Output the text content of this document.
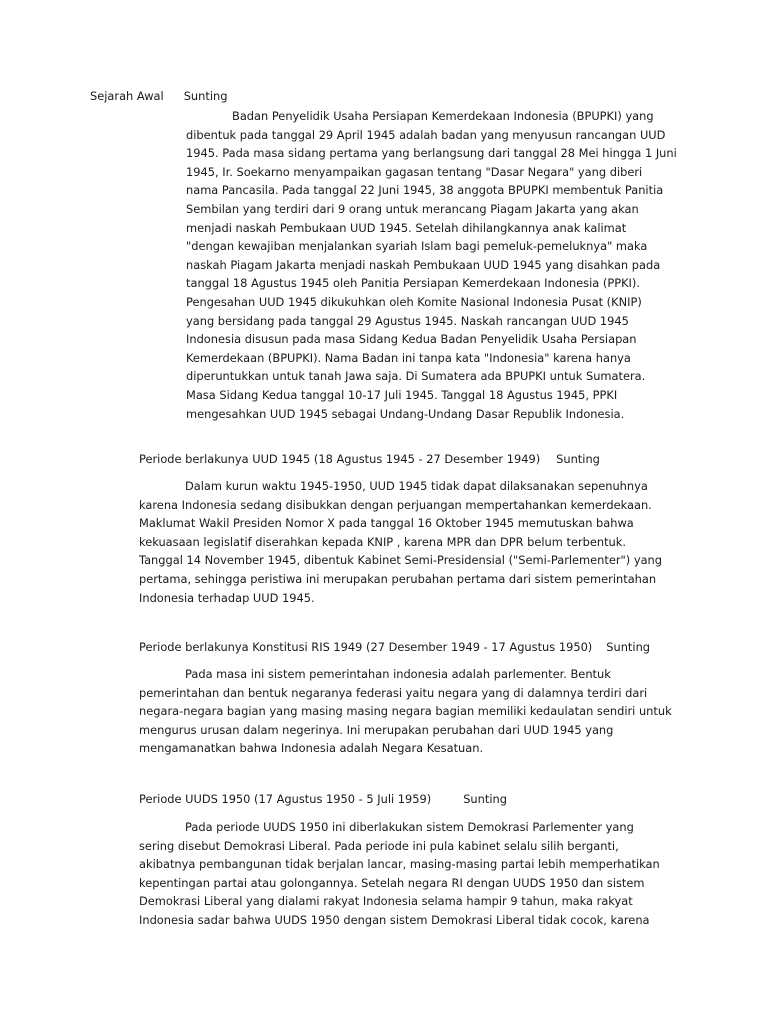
Sejarah Awal Sunting
Badan Penyelidik Usaha Persiapan Kemerdekaan Indonesia (BPUPKI) yang
dibentuk pada tanggal 29 April 1945 adalah badan yang menyusun rancangan UUD
1945. Pada masa sidang pertama yang berlangsung dari tanggal 28 Mei hingga 1 Juni
1945, Ir. Soekarno menyampaikan gagasan tentang "Dasar Negara" yang diberi
nama Pancasila. Pada tanggal 22 Juni 1945, 38 anggota BPUPKI membentuk Panitia
Sembilan yang terdiri dari 9 orang untuk merancang Piagam Jakarta yang akan
menjadi naskah Pembukaan UUD 1945. Setelah dihilangkannya anak kalimat
"dengan kewajiban menjalankan syariah Islam bagi pemeluk-pemeluknya" maka
naskah Piagam Jakarta menjadi naskah Pembukaan UUD 1945 yang disahkan pada
tanggal 18 Agustus 1945 oleh Panitia Persiapan Kemerdekaan Indonesia (PPKI).
Pengesahan UUD 1945 dikukuhkan oleh Komite Nasional Indonesia Pusat (KNIP)
yang bersidang pada tanggal 29 Agustus 1945. Naskah rancangan UUD 1945
Indonesia disusun pada masa Sidang Kedua Badan Penyelidik Usaha Persiapan
Kemerdekaan (BPUPKI). Nama Badan ini tanpa kata "Indonesia" karena hanya
diperuntukkan untuk tanah Jawa saja. Di Sumatera ada BPUPKI untuk Sumatera.
Masa Sidang Kedua tanggal 10-17 Juli 1945. Tanggal 18 Agustus 1945, PPKI
mengesahkan UUD 1945 sebagai Undang-Undang Dasar Republik Indonesia.
Periode berlakunya UUD 1945 (18 Agustus 1945 - 27 Desember 1949) Sunting
Dalam kurun waktu 1945-1950, UUD 1945 tidak dapat dilaksanakan sepenuhnya
karena Indonesia sedang disibukkan dengan perjuangan mempertahankan kemerdekaan.
Maklumat Wakil Presiden Nomor X pada tanggal 16 Oktober 1945 memutuskan bahwa
kekuasaan legislatif diserahkan kepada KNIP , karena MPR dan DPR belum terbentuk.
Tanggal 14 November 1945, dibentuk Kabinet Semi-Presidensial ("Semi-Parlementer") yang
pertama, sehingga peristiwa ini merupakan perubahan pertama dari sistem pemerintahan
Indonesia terhadap UUD 1945.
Periode berlakunya Konstitusi RIS 1949 (27 Desember 1949 - 17 Agustus 1950) Sunting
Pada masa ini sistem pemerintahan indonesia adalah parlementer. Bentuk
pemerintahan dan bentuk negaranya federasi yaitu negara yang di dalamnya terdiri dari
negara-negara bagian yang masing masing negara bagian memiliki kedaulatan sendiri untuk
mengurus urusan dalam negerinya. Ini merupakan perubahan dari UUD 1945 yang
mengamanatkan bahwa Indonesia adalah Negara Kesatuan.
Periode UUDS 1950 (17 Agustus 1950 - 5 Juli 1959)	Sunting
Pada periode UUDS 1950 ini diberlakukan sistem Demokrasi Parlementer yang
sering disebut Demokrasi Liberal. Pada periode ini pula kabinet selalu silih berganti,
akibatnya pembangunan tidak berjalan lancar, masing-masing partai lebih memperhatikan
kepentingan partai atau golongannya. Setelah negara RI dengan UUDS 1950 dan sistem
Demokrasi Liberal yang dialami rakyat Indonesia selama hampir 9 tahun, maka rakyat
Indonesia sadar bahwa UUDS 1950 dengan sistem Demokrasi Liberal tidak cocok, karena
